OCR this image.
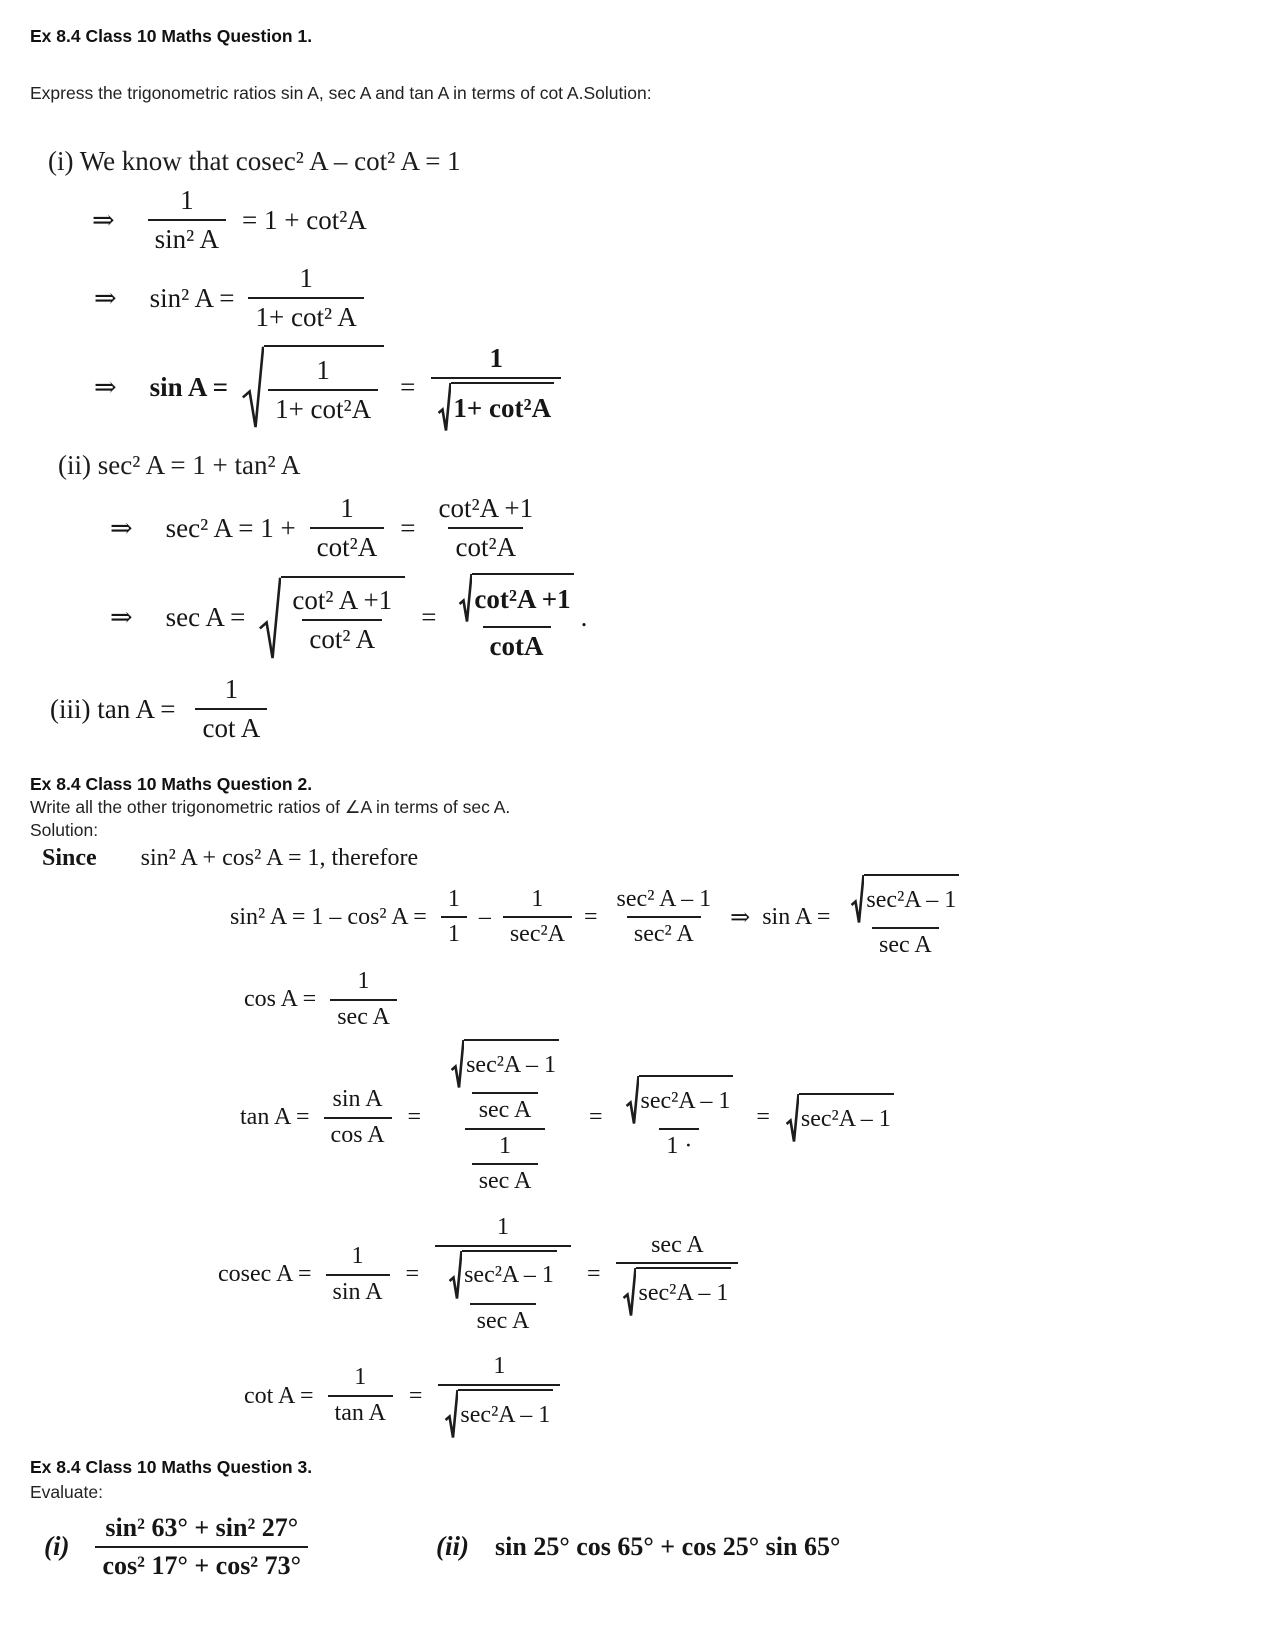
Ex 8.4 Class 10 Maths Question 1.
Express the trigonometric ratios sin A, sec A and tan A in terms of cot A.Solution:
(i) We know that cosec² A – cot² A = 1
⇒ $\frac{1}{\text{sin² A}} = 1 + \cot^2A$
⇒ sin² $A = \frac{1}{\text{1+ cot² A}}$
⇒ $\sin A = \frac{1}{\text{1+ cot²A}} = \frac{1}{\text{1+ cot²A}}$
(ii) sec² A = 1 + tan² A
⇒ sec² $A = 1 + \frac{1}{\text{cot²A}} = \frac{\text{cot²A +1}}{\text{cot²A}}$
⇒ $\sec A = \frac{\text{cot² A +1}}{\text{cot² A}} = \frac{\text{cot²A +1}}{\cot A}$ .
(iii) $\tan A = \frac{1}{\text{cot A}}$
Ex 8.4 Class 10 Maths Question 2.
Write all the other trigonometric ratios of ∠A in terms of sec A.
Solution:
Since sin² A + cos² A = 1, therefore
sin² A = 1 – cos² $A = \frac{1}{1}$ –
1
sec²A
=
sec² A – 1
sec² A
⇒ sin A =
sec²A – 1
sec A
cos A =
1
sec A
$\tan A = \frac{\text{sin A}}{\text{cos A}}$ =
sec²A – 1
sec A
1
sec A
=
sec²A – 1
1 ·
= sec²A – 1
cosec $A = \frac{1}{\text{sin A}}$ =
1
sec²A – 1
sec A
=
sec A
sec²A – 1
$\cot A = \frac{1}{\text{tan A}}$ =
1
sec²A – 1
Ex 8.4 Class 10 Maths Question 3.
Evaluate:
$(i) \frac{\text{sin² 63° + sin² 27°}}{\text{cos² 17° + cos² 73°}}$	(ii) sin 25° cos 65° + cos 25° sin 65°
